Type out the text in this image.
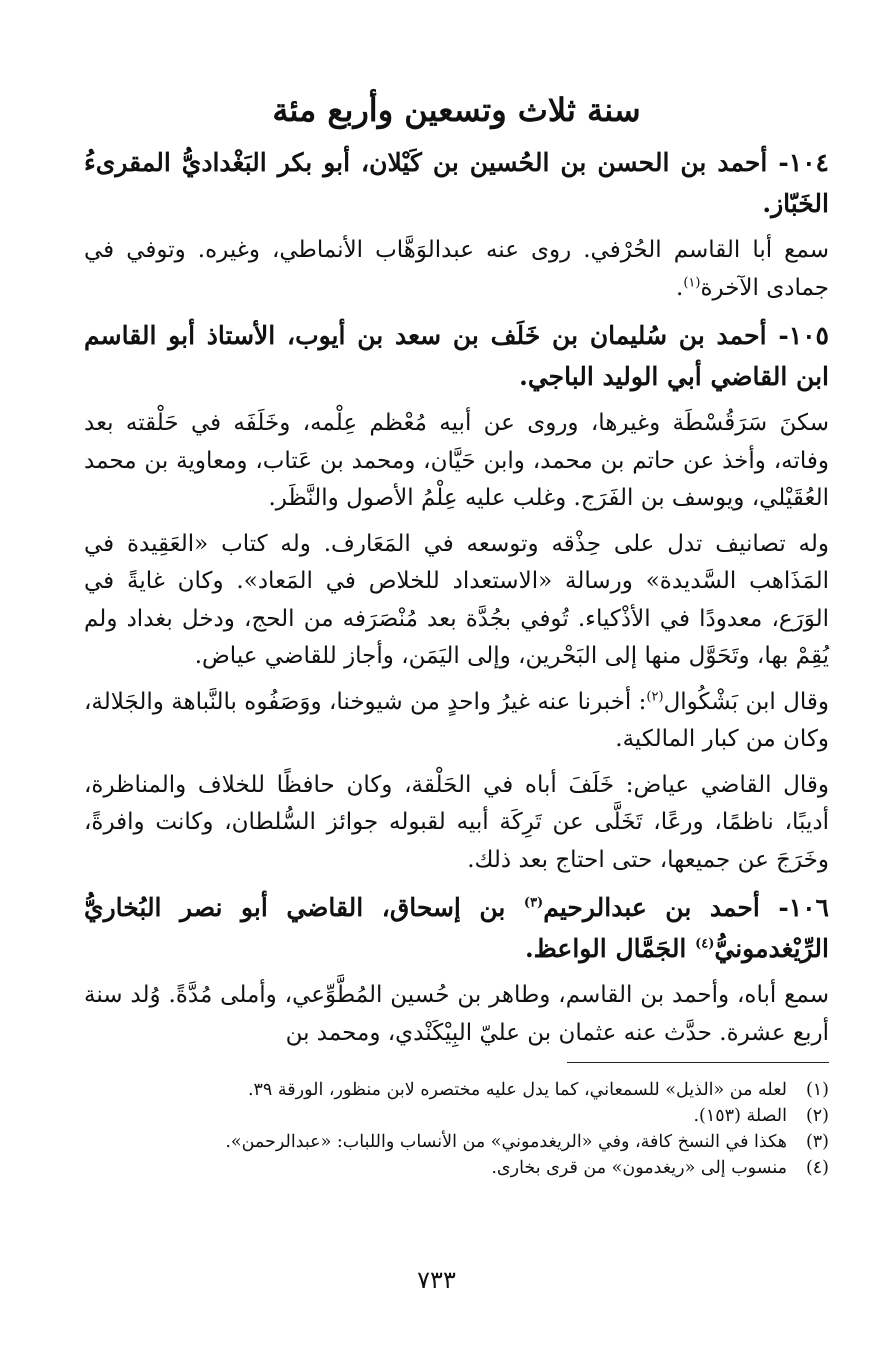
سنة ثلاث وتسعين وأربع مئة
١٠٤- أحمد بن الحسن بن الحُسين بن كَيْلان، أبو بكر البَغْداديُّ المقرىءُ الخَبّاز.
سمع أبا القاسم الحُرْفي. روى عنه عبدالوَهَّاب الأنماطي، وغيره. وتوفي في جمادى الآخرة$^{(١)}$.
١٠٥- أحمد بن سُليمان بن خَلَف بن سعد بن أيوب، الأستاذ أبو القاسم ابن القاضي أبي الوليد الباجي.
سكنَ سَرَقُسْطَة وغيرها، وروى عن أبيه مُعْظم عِلْمه، وخَلَفَه في حَلْقته بعد وفاته، وأخذ عن حاتم بن محمد، وابن حَيَّان، ومحمد بن عَتاب، ومعاوية بن محمد العُقَيْلي، ويوسف بن الفَرَج. وغلب عليه عِلْمُ الأصول والنَّظَر.
وله تصانيف تدل على حِذْقه وتوسعه في المَعَارف. وله كتاب «العَقِيدة في المَذَاهب السَّديدة» ورسالة «الاستعداد للخلاص في المَعاد». وكان غايةً في الوَرَع، معدودًا في الأذْكياء. تُوفي بجُدَّة بعد مُنْصَرَفه من الحج، ودخل بغداد ولم يُقِمْ بها، وتَحَوَّل منها إلى البَحْرين، وإلى اليَمَن، وأجاز للقاضي عياض.
وقال ابن بَشْكُوال$^{(٢)}$: أخبرنا عنه غيرُ واحدٍ من شيوخنا، ووَصَفُوه بالنَّباهة والجَلالة، وكان من كبار المالكية.
وقال القاضي عياض: خَلَفَ أباه في الحَلْقة، وكان حافظًا للخلاف والمناظرة، أديبًا، ناظمًا، ورعًا، تَخَلَّى عن تَرِكَة أبيه لقبوله جوائز السُّلطان، وكانت وافرةً، وخَرَجَ عن جميعها، حتى احتاج بعد ذلك.
١٠٦- أحمد بن عبدالرحيم$^{(٣)}$ بن إسحاق، القاضي أبو نصر البُخاريُّ الرِّيْغدمونيُّ$^{(٤)}$ الجَمَّال الواعظ.
سمع أباه، وأحمد بن القاسم، وطاهر بن حُسين المُطَّوِّعي، وأملى مُدَّةً. وُلد سنة أربع عشرة. حدَّث عنه عثمان بن عليّ البِيْكَنْدي، ومحمد بن
(١)
لعله من «الذيل» للسمعاني، كما يدل عليه مختصره لابن منظور، الورقة ٣٩.
(٢)
الصلة (١٥٣).
(٣)
هكذا في النسخ كافة، وفي «الريغدموني» من الأنساب واللباب: «عبدالرحمن».
(٤)
منسوب إلى «ريغدمون» من قرى بخارى.
٧٣٣
